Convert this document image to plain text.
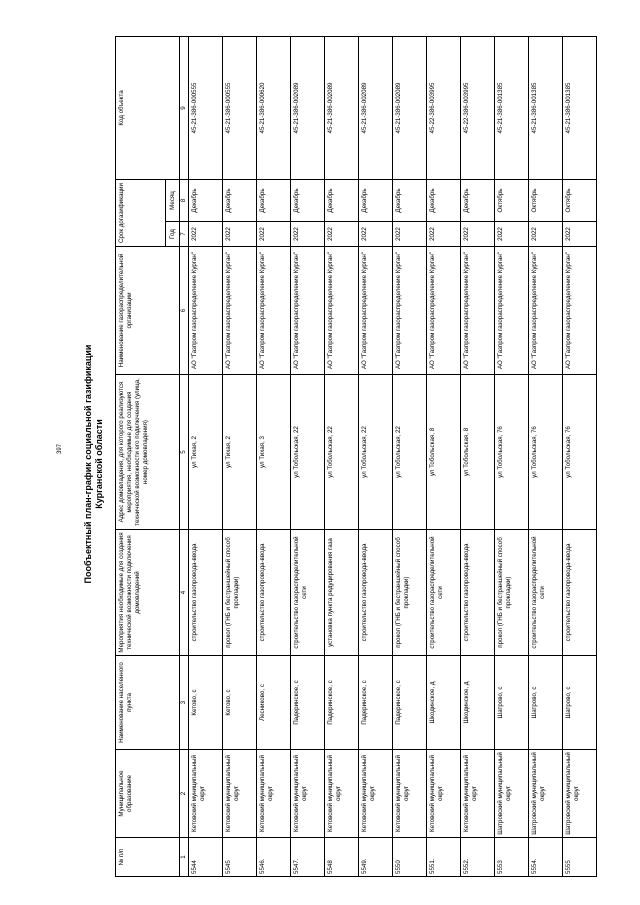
397 Пообъектный план-график социальной газификации Курганской области
№ п/п	Муниципальное образование	Наименование населенного пункта	Мероприятия необходимые для создания технической возможности подключения домовладений	Адрес домовладения, для которого реализуются мероприятия, необходимые для создания технической возможности его подключения (улица, номер домовладения)	Наименование газораспределительной организации	Срок догазификации		Код объекта
						Год	Месяц	
1	2	3	4	5	6	7	8	9
5544	Кетовский муниципальный округ	Кетово, с	строительство газопровода-ввода	ул Тихая, 2	АО "Газпром газораспределение Курган"	2022	Декабрь	45-21-386-000555
5545	Кетовский муниципальный округ	Кетово, с	прокол (ГНБ и бестраншейный способ прокладки)	ул Тихая, 2	АО "Газпром газораспределение Курган"	2022	Декабрь	45-21-386-000555
5546.	Кетовский муниципальный округ	Лесниково, с	строительство газопровода-ввода	ул Тихая, 3	АО "Газпром газораспределение Курган"	2022	Декабрь	45-21-386-000620
5547.	Кетовский муниципальный округ	Падеринское, с	строительство газораспределительной сети	ул Тобольская, 22	АО "Газпром газораспределение Курган"	2022	Декабрь	45-21-386-002089
5548	Кетовский муниципальный округ	Падеринское, с	установка пункта редуцирования газа	ул Тобольская, 22	АО "Газпром газораспределение Курган"	2022	Декабрь	45-21-386-002089
5549.	Кетовский муниципальный округ	Падеринское, с	строительство газопровода-ввода	ул Тобольская, 22	АО "Газпром газораспределение Курган"	2022	Декабрь	45-21-386-002089
5550	Кетовский муниципальный округ	Падеринское, с	прокол (ГНБ и бестраншейный способ прокладки)	ул Тобольская, 22	АО "Газпром газораспределение Курган"	2022	Декабрь	45-21-386-002089
5551.	Кетовский муниципальный округ	Шкодинское, д	строительство газораспределительной сети	ул Тобольская, 8	АО "Газпром газораспределение Курган"	2022	Декабрь	45-22-386-003995
5552.	Кетовский муниципальный округ	Шкодинское, д	строительство газопровода-ввода	ул Тобольская, 8	АО "Газпром газораспределение Курган"	2022	Декабрь	45-22-386-003995
5553	Шатровский муниципальный округ	Шатрово, с	прокол (ГНБ и бестраншейный способ прокладки)	ул Тобольская, 76	АО "Газпром газораспределение Курган"	2022	Октябрь	45-21-386-001385
5554.	Шатровский муниципальный округ	Шатрово, с	строительство газораспределительной сети	ул Тобольская, 76	АО "Газпром газораспределение Курган"	2022	Октябрь	45-21-386-001385
5555	Шатровский муниципальный округ	Шатрово, с	строительство газопровода-ввода	ул Тобольская, 76	АО "Газпром газораспределение Курган"	2022	Октябрь	45-21-386-001385
